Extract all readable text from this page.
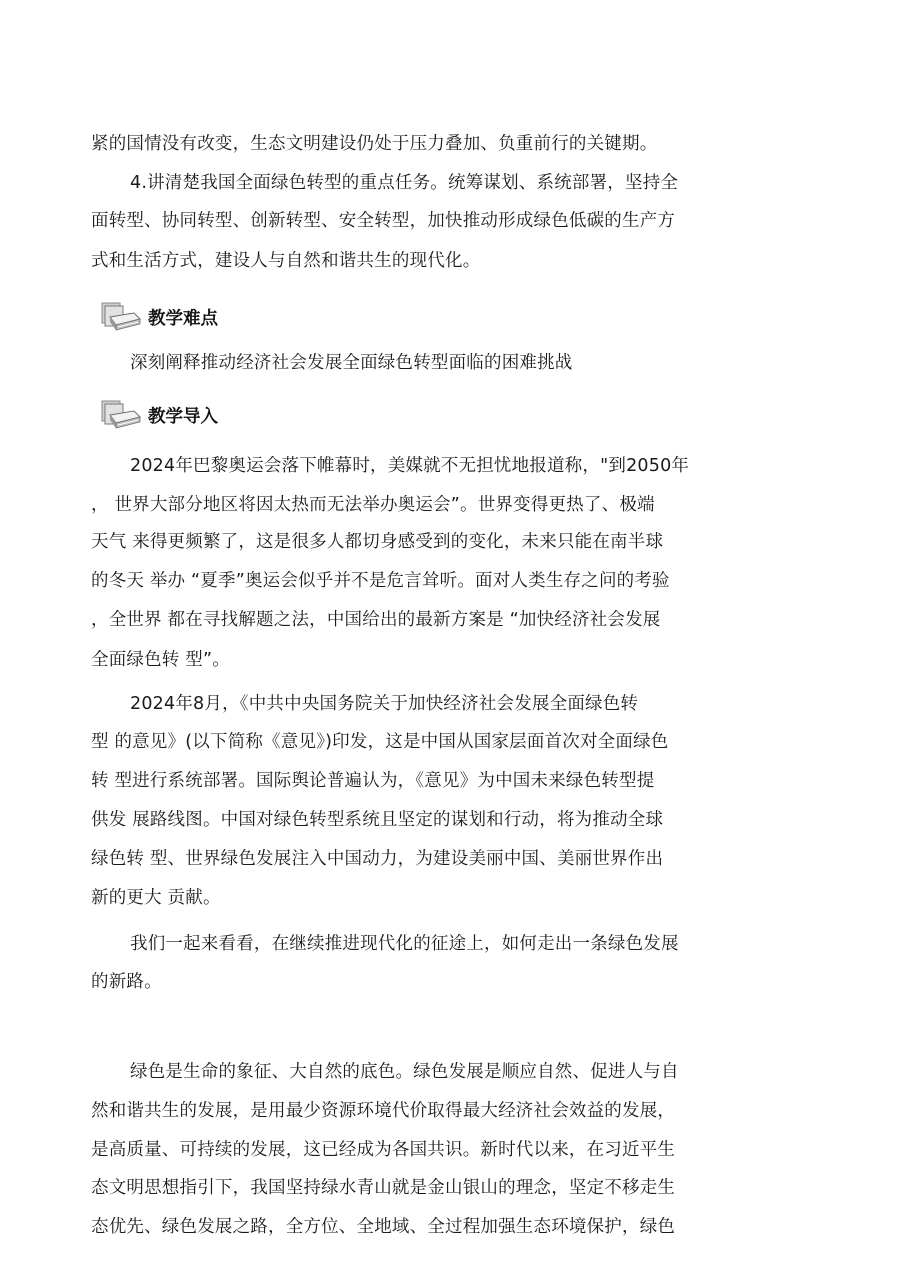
紧的国情没有改变，生态文明建设仍处于压力叠加、负重前行的关键期。
4.讲清楚我国全面绿色转型的重点任务。统筹谋划、系统部署，坚持全
面转型、协同转型、创新转型、安全转型，加快推动形成绿色低碳的生产方
式和生活方式，建设人与自然和谐共生的现代化。
教学难点
深刻阐释推动经济社会发展全面绿色转型面临的困难挑战
教学导入
2024年巴黎奥运会落下帷幕时，美媒就不无担忧地报道称，"到2050年
， 世界大部分地区将因太热而无法举办奥运会”。世界变得更热了、极端
天气 来得更频繁了，这是很多人都切身感受到的变化，未来只能在南半球
的冬天 举办 “夏季”奥运会似乎并不是危言耸听。面对人类生存之问的考验
，全世界 都在寻找解题之法，中国给出的最新方案是 “加快经济社会发展
全面绿色转 型”。
2024年8月，《中共中央国务院关于加快经济社会发展全面绿色转
型 的意见》(以下简称《意见》)印发，这是中国从国家层面首次对全面绿色
转 型进行系统部署。国际舆论普遍认为，《意见》为中国未来绿色转型提
供发 展路线图。中国对绿色转型系统且坚定的谋划和行动，将为推动全球
绿色转 型、世界绿色发展注入中国动力，为建设美丽中国、美丽世界作出
新的更大 贡献。
我们一起来看看，在继续推进现代化的征途上，如何走出一条绿色发展
的新路。
绿色是生命的象征、大自然的底色。绿色发展是顺应自然、促进人与自
然和谐共生的发展，是用最少资源环境代价取得最大经济社会效益的发展，
是高质量、可持续的发展，这已经成为各国共识。新时代以来，在习近平生
态文明思想指引下，我国坚持绿水青山就是金山银山的理念，坚定不移走生
态优先、绿色发展之路，全方位、全地域、全过程加强生态环境保护，绿色
